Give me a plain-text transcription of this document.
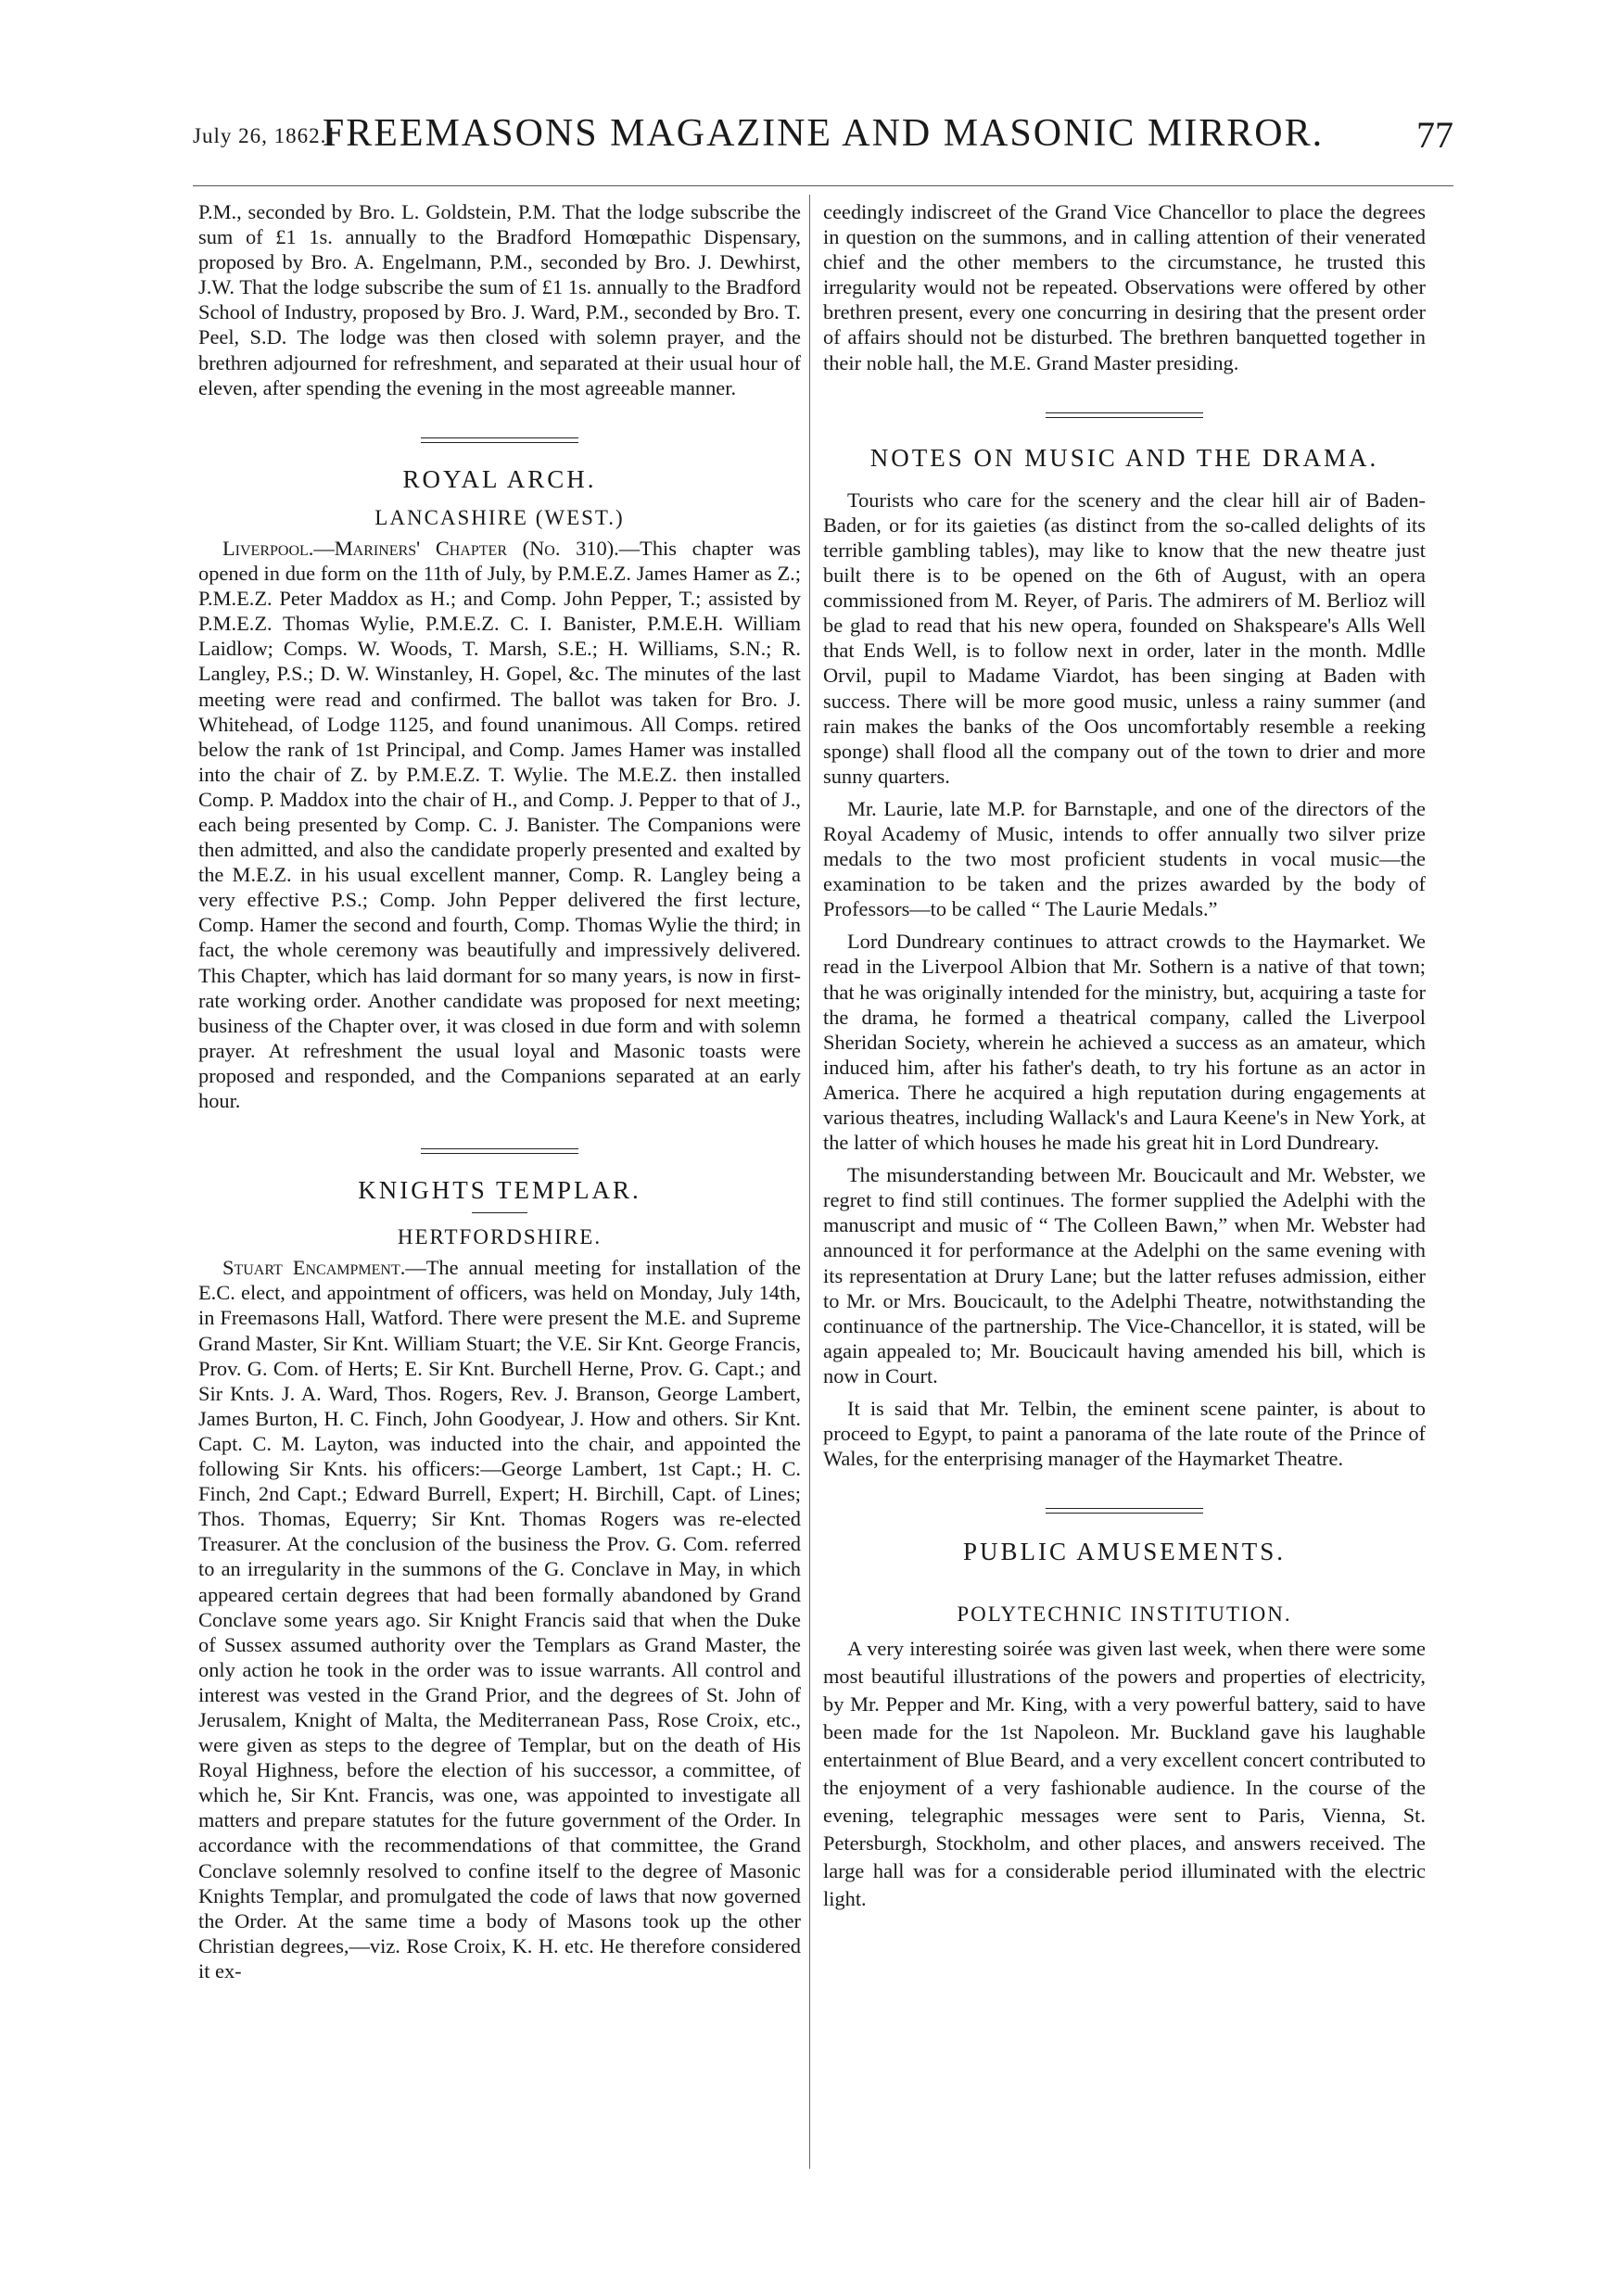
July 26, 1862.]
FREEMASONS MAGAZINE AND MASONIC MIRROR.	77

P.M., seconded by Bro. L. Goldstein, P.M. That the lodge subscribe the sum of £1 1s. annually to the Bradford Homœpathic Dispensary, proposed by Bro. A. Engelmann, P.M., seconded by Bro. J. Dewhirst, J.W. That the lodge subscribe the sum of £1 1s. annually to the Bradford School of Industry, proposed by Bro. J. Ward, P.M., seconded by Bro. T. Peel, S.D. The lodge was then closed with solemn prayer, and the brethren adjourned for refreshment, and separated at their usual hour of eleven, after spending the evening in the most agreeable manner.

ROYAL ARCH.
LANCASHIRE (WEST.)

Liverpool.—Mariners' Chapter (No. 310).—This chapter was opened in due form on the 11th of July, by P.M.E.Z. James Hamer as Z.; P.M.E.Z. Peter Maddox as H.; and Comp. John Pepper, T.; assisted by P.M.E.Z. Thomas Wylie, P.M.E.Z. C. I. Banister, P.M.E.H. William Laidlow; Comps. W. Woods, T. Marsh, S.E.; H. Williams, S.N.; R. Langley, P.S.; D. W. Winstanley, H. Gopel, &c. The minutes of the last meeting were read and confirmed. The ballot was taken for Bro. J. Whitehead, of Lodge 1125, and found unanimous. All Comps. retired below the rank of 1st Principal, and Comp. James Hamer was installed into the chair of Z. by P.M.E.Z. T. Wylie. The M.E.Z. then installed Comp. P. Maddox into the chair of H., and Comp. J. Pepper to that of J., each being presented by Comp. C. J. Banister. The Companions were then admitted, and also the candidate properly presented and exalted by the M.E.Z. in his usual excellent manner, Comp. R. Langley being a very effective P.S.; Comp. John Pepper delivered the first lecture, Comp. Hamer the second and fourth, Comp. Thomas Wylie the third; in fact, the whole ceremony was beautifully and impressively delivered. This Chapter, which has laid dormant for so many years, is now in first-rate working order. Another candidate was proposed for next meeting; business of the Chapter over, it was closed in due form and with solemn prayer. At refreshment the usual loyal and Masonic toasts were proposed and responded, and the Companions separated at an early hour.

KNIGHTS TEMPLAR.
HERTFORDSHIRE.

Stuart Encampment.—The annual meeting for installation of the E.C. elect, and appointment of officers, was held on Monday, July 14th, in Freemasons Hall, Watford. There were present the M.E. and Supreme Grand Master, Sir Knt. William Stuart; the V.E. Sir Knt. George Francis, Prov. G. Com. of Herts; E. Sir Knt. Burchell Herne, Prov. G. Capt.; and Sir Knts. J. A. Ward, Thos. Rogers, Rev. J. Branson, George Lambert, James Burton, H. C. Finch, John Goodyear, J. How and others. Sir Knt. Capt. C. M. Layton, was inducted into the chair, and appointed the following Sir Knts. his officers:—George Lambert, 1st Capt.; H. C. Finch, 2nd Capt.; Edward Burrell, Expert; H. Birchill, Capt. of Lines; Thos. Thomas, Equerry; Sir Knt. Thomas Rogers was re-elected Treasurer. At the conclusion of the business the Prov. G. Com. referred to an irregularity in the summons of the G. Conclave in May, in which appeared certain degrees that had been formally abandoned by Grand Conclave some years ago. Sir Knight Francis said that when the Duke of Sussex assumed authority over the Templars as Grand Master, the only action he took in the order was to issue warrants. All control and interest was vested in the Grand Prior, and the degrees of St. John of Jerusalem, Knight of Malta, the Mediterranean Pass, Rose Croix, etc., were given as steps to the degree of Templar, but on the death of His Royal Highness, before the election of his successor, a committee, of which he, Sir Knt. Francis, was one, was appointed to investigate all matters and prepare statutes for the future government of the Order. In accordance with the recommendations of that committee, the Grand Conclave solemnly resolved to confine itself to the degree of Masonic Knights Templar, and promulgated the code of laws that now governed the Order. At the same time a body of Masons took up the other Christian degrees,—viz. Rose Croix, K. H. etc. He therefore considered it ex-

ceedingly indiscreet of the Grand Vice Chancellor to place the degrees in question on the summons, and in calling attention of their venerated chief and the other members to the circumstance, he trusted this irregularity would not be repeated. Observations were offered by other brethren present, every one concurring in desiring that the present order of affairs should not be disturbed. The brethren banquetted together in their noble hall, the M.E. Grand Master presiding.

NOTES ON MUSIC AND THE DRAMA.

Tourists who care for the scenery and the clear hill air of Baden-Baden, or for its gaieties (as distinct from the so-called delights of its terrible gambling tables), may like to know that the new theatre just built there is to be opened on the 6th of August, with an opera commissioned from M. Reyer, of Paris. The admirers of M. Berlioz will be glad to read that his new opera, founded on Shakspeare's Alls Well that Ends Well, is to follow next in order, later in the month. Mdlle Orvil, pupil to Madame Viardot, has been singing at Baden with success. There will be more good music, unless a rainy summer (and rain makes the banks of the Oos uncomfortably resemble a reeking sponge) shall flood all the company out of the town to drier and more sunny quarters.

Mr. Laurie, late M.P. for Barnstaple, and one of the directors of the Royal Academy of Music, intends to offer annually two silver prize medals to the two most proficient students in vocal music—the examination to be taken and the prizes awarded by the body of Professors—to be called “ The Laurie Medals.”

Lord Dundreary continues to attract crowds to the Haymarket. We read in the Liverpool Albion that Mr. Sothern is a native of that town; that he was originally intended for the ministry, but, acquiring a taste for the drama, he formed a theatrical company, called the Liverpool Sheridan Society, wherein he achieved a success as an amateur, which induced him, after his father's death, to try his fortune as an actor in America. There he acquired a high reputation during engagements at various theatres, including Wallack's and Laura Keene's in New York, at the latter of which houses he made his great hit in Lord Dundreary.

The misunderstanding between Mr. Boucicault and Mr. Webster, we regret to find still continues. The former supplied the Adelphi with the manuscript and music of “ The Colleen Bawn,” when Mr. Webster had announced it for performance at the Adelphi on the same evening with its representation at Drury Lane; but the latter refuses admission, either to Mr. or Mrs. Boucicault, to the Adelphi Theatre, notwithstanding the continuance of the partnership. The Vice-Chancellor, it is stated, will be again appealed to; Mr. Boucicault having amended his bill, which is now in Court.

It is said that Mr. Telbin, the eminent scene painter, is about to proceed to Egypt, to paint a panorama of the late route of the Prince of Wales, for the enterprising manager of the Haymarket Theatre.

PUBLIC AMUSEMENTS.
POLYTECHNIC INSTITUTION.

A very interesting soirée was given last week, when there were some most beautiful illustrations of the powers and properties of electricity, by Mr. Pepper and Mr. King, with a very powerful battery, said to have been made for the 1st Napoleon. Mr. Buckland gave his laughable entertainment of Blue Beard, and a very excellent concert contributed to the enjoyment of a very fashionable audience. In the course of the evening, telegraphic messages were sent to Paris, Vienna, St. Petersburgh, Stockholm, and other places, and answers received. The large hall was for a considerable period illuminated with the electric light.
